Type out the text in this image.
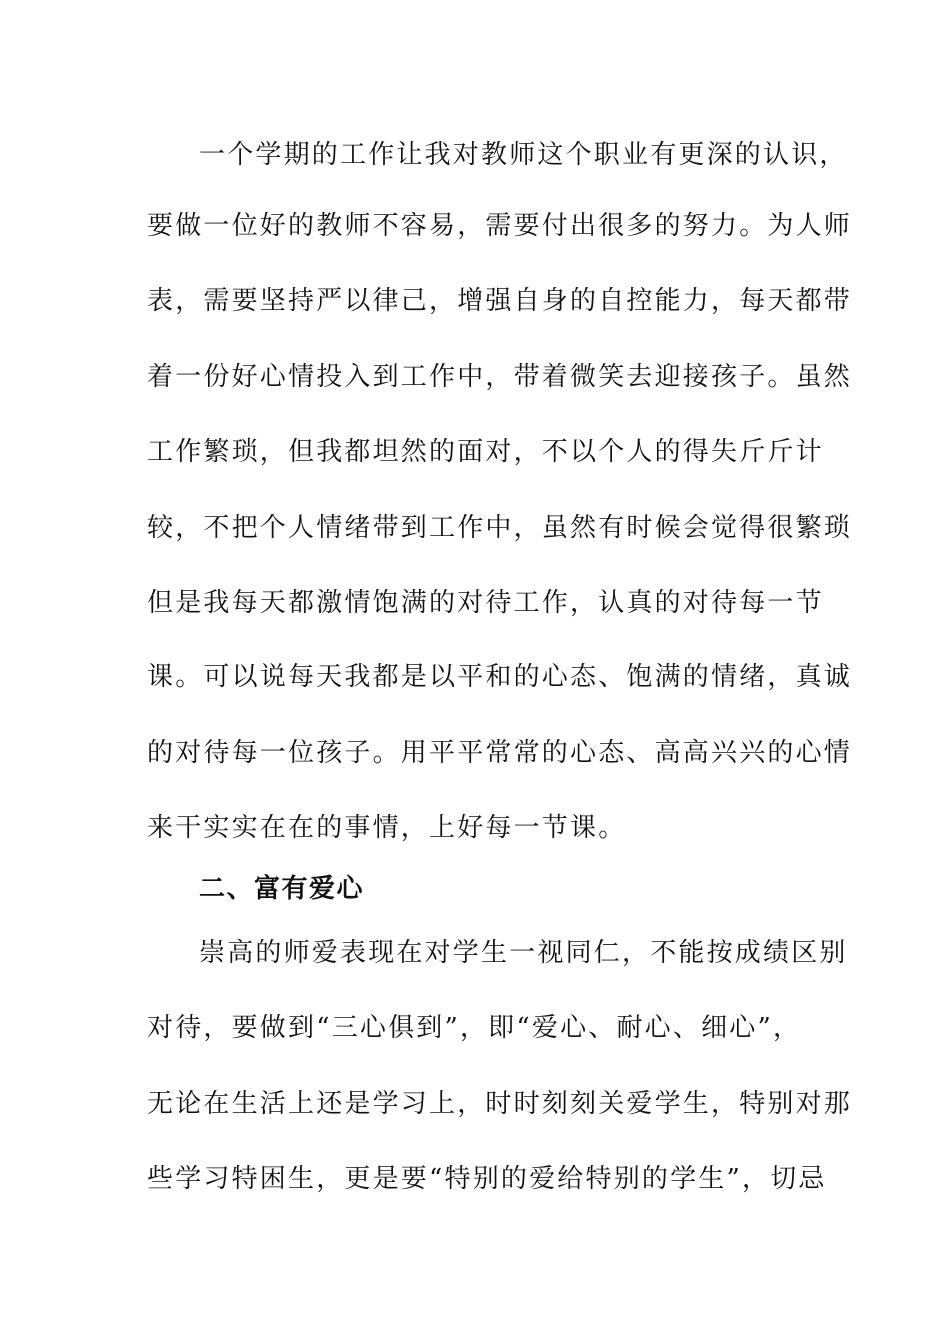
一个学期的工作让我对教师这个职业有更深的认识，
要做一位好的教师不容易，需要付出很多的努力。为人师
表，需要坚持严以律己，增强自身的自控能力，每天都带
着一份好心情投入到工作中，带着微笑去迎接孩子。虽然
工作繁琐，但我都坦然的面对，不以个人的得失斤斤计
较，不把个人情绪带到工作中，虽然有时候会觉得很繁琐
但是我每天都激情饱满的对待工作，认真的对待每一节
课。可以说每天我都是以平和的心态、饱满的情绪，真诚
的对待每一位孩子。用平平常常的心态、高高兴兴的心情
来干实实在在的事情，上好每一节课。
二、富有爱心
崇高的师爱表现在对学生一视同仁，不能按成绩区别
对待，要做到“三心俱到”，即“爱心、耐心、细心”，
无论在生活上还是学习上，时时刻刻关爱学生，特别对那
些学习特困生，更是要“特别的爱给特别的学生”，切忌
